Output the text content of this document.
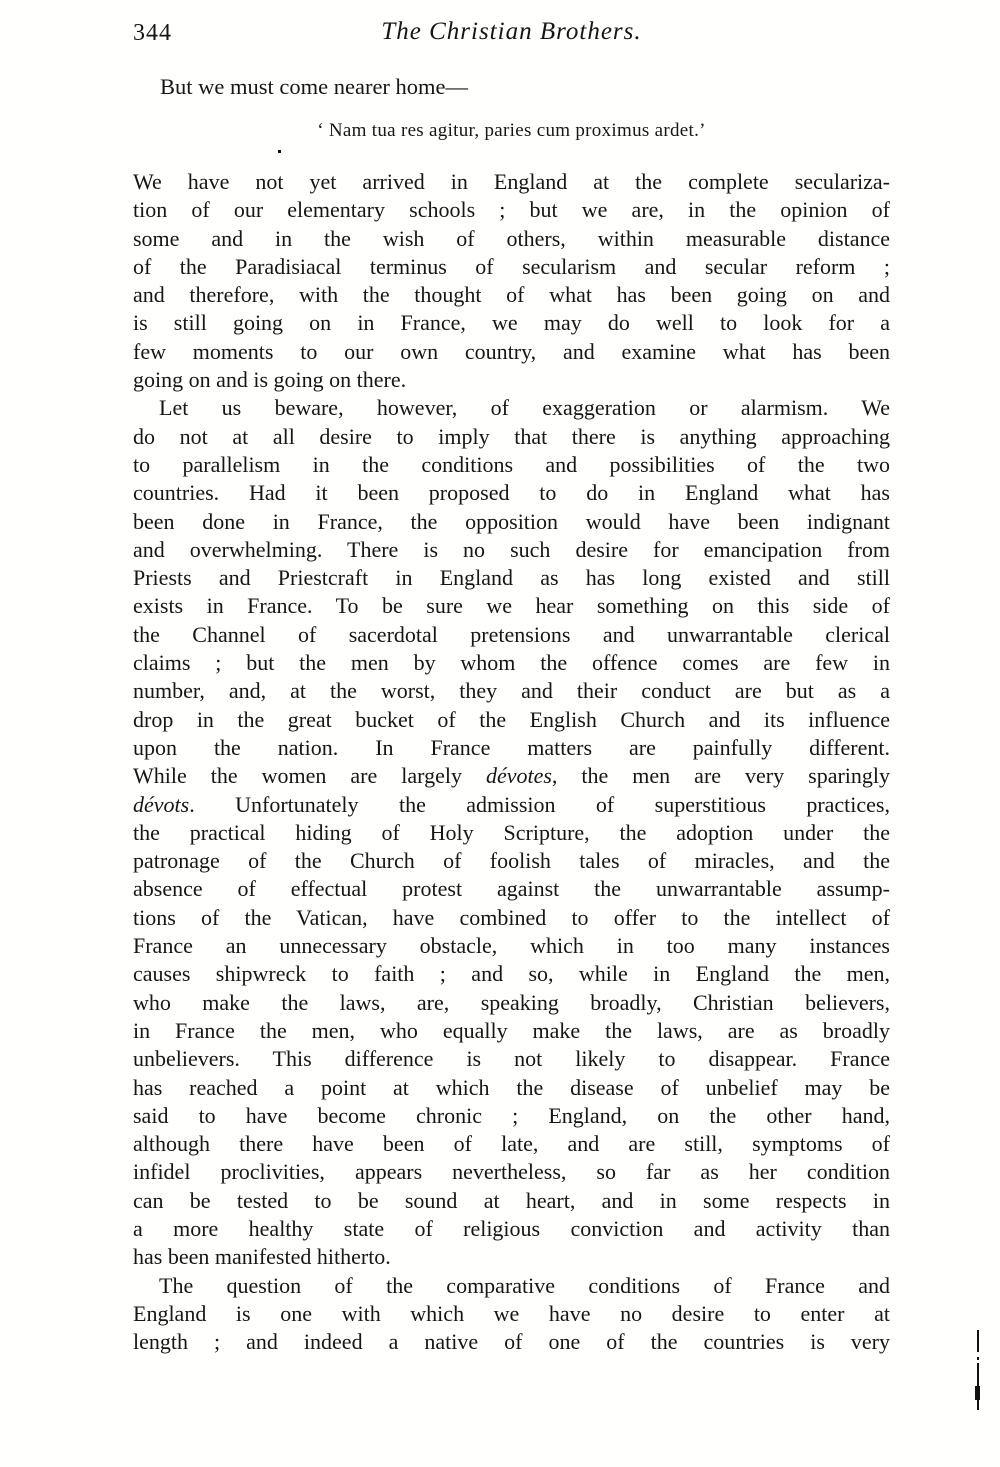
344	The Christian Brothers.
But we must come nearer home—
‘ Nam tua res agitur, paries cum proximus ardet.’
We have not yet arrived in England at the complete seculariza-
tion of our elementary schools ; but we are, in the opinion of
some and in the wish of others, within measurable distance
of the Paradisiacal terminus of secularism and secular reform ;
and therefore, with the thought of what has been going on and
is still going on in France, we may do well to look for a
few moments to our own country, and examine what has been
going on and is going on there.
Let us beware, however, of exaggeration or alarmism. We
do not at all desire to imply that there is anything approaching
to parallelism in the conditions and possibilities of the two
countries. Had it been proposed to do in England what has
been done in France, the opposition would have been indignant
and overwhelming. There is no such desire for emancipation from
Priests and Priestcraft in England as has long existed and still
exists in France. To be sure we hear something on this side of
the Channel of sacerdotal pretensions and unwarrantable clerical
claims ; but the men by whom the offence comes are few in
number, and, at the worst, they and their conduct are but as a
drop in the great bucket of the English Church and its influence
upon the nation. In France matters are painfully different.
While the women are largely dévotes, the men are very sparingly
dévots. Unfortunately the admission of superstitious practices,
the practical hiding of Holy Scripture, the adoption under the
patronage of the Church of foolish tales of miracles, and the
absence of effectual protest against the unwarrantable assump-
tions of the Vatican, have combined to offer to the intellect of
France an unnecessary obstacle, which in too many instances
causes shipwreck to faith ; and so, while in England the men,
who make the laws, are, speaking broadly, Christian believers,
in France the men, who equally make the laws, are as broadly
unbelievers. This difference is not likely to disappear. France
has reached a point at which the disease of unbelief may be
said to have become chronic ; England, on the other hand,
although there have been of late, and are still, symptoms of
infidel proclivities, appears nevertheless, so far as her condition
can be tested to be sound at heart, and in some respects in
a more healthy state of religious conviction and activity than
has been manifested hitherto.
The question of the comparative conditions of France and
England is one with which we have no desire to enter at
length ; and indeed a native of one of the countries is very
